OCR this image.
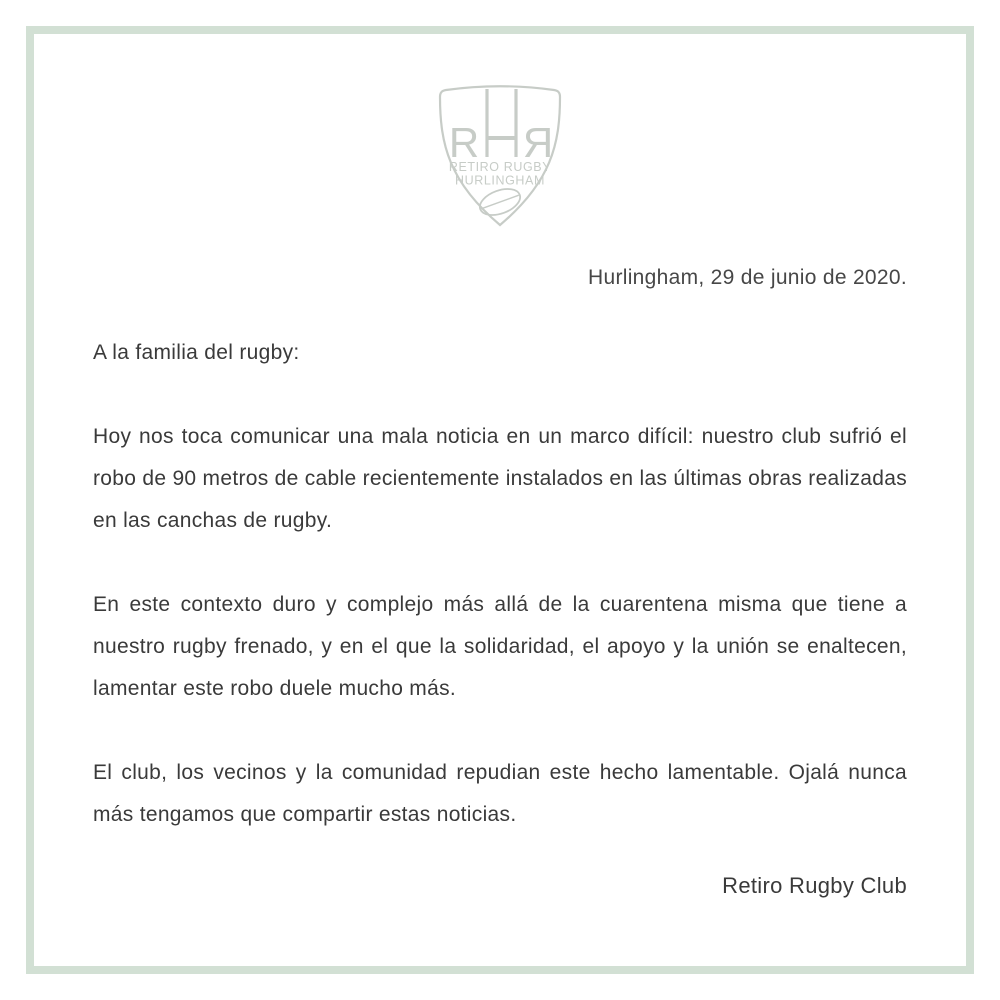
R Я
RETIRO RUGBY
HURLINGHAM
Hurlingham, 29 de junio de 2020.
A la familia del rugby:

Hoy nos toca comunicar una mala noticia en un marco difícil: nuestro club sufrió el robo de 90 metros de cable recientemente instalados en las últimas obras realizadas en las canchas de rugby.

En este contexto duro y complejo más allá de la cuarentena misma que tiene a nuestro rugby frenado, y en el que la solidaridad, el apoyo y la unión se enaltecen, lamentar este robo duele mucho más.

El club, los vecinos y la comunidad repudian este hecho lamentable. Ojalá nunca más tengamos que compartir estas noticias.

Retiro Rugby Club
